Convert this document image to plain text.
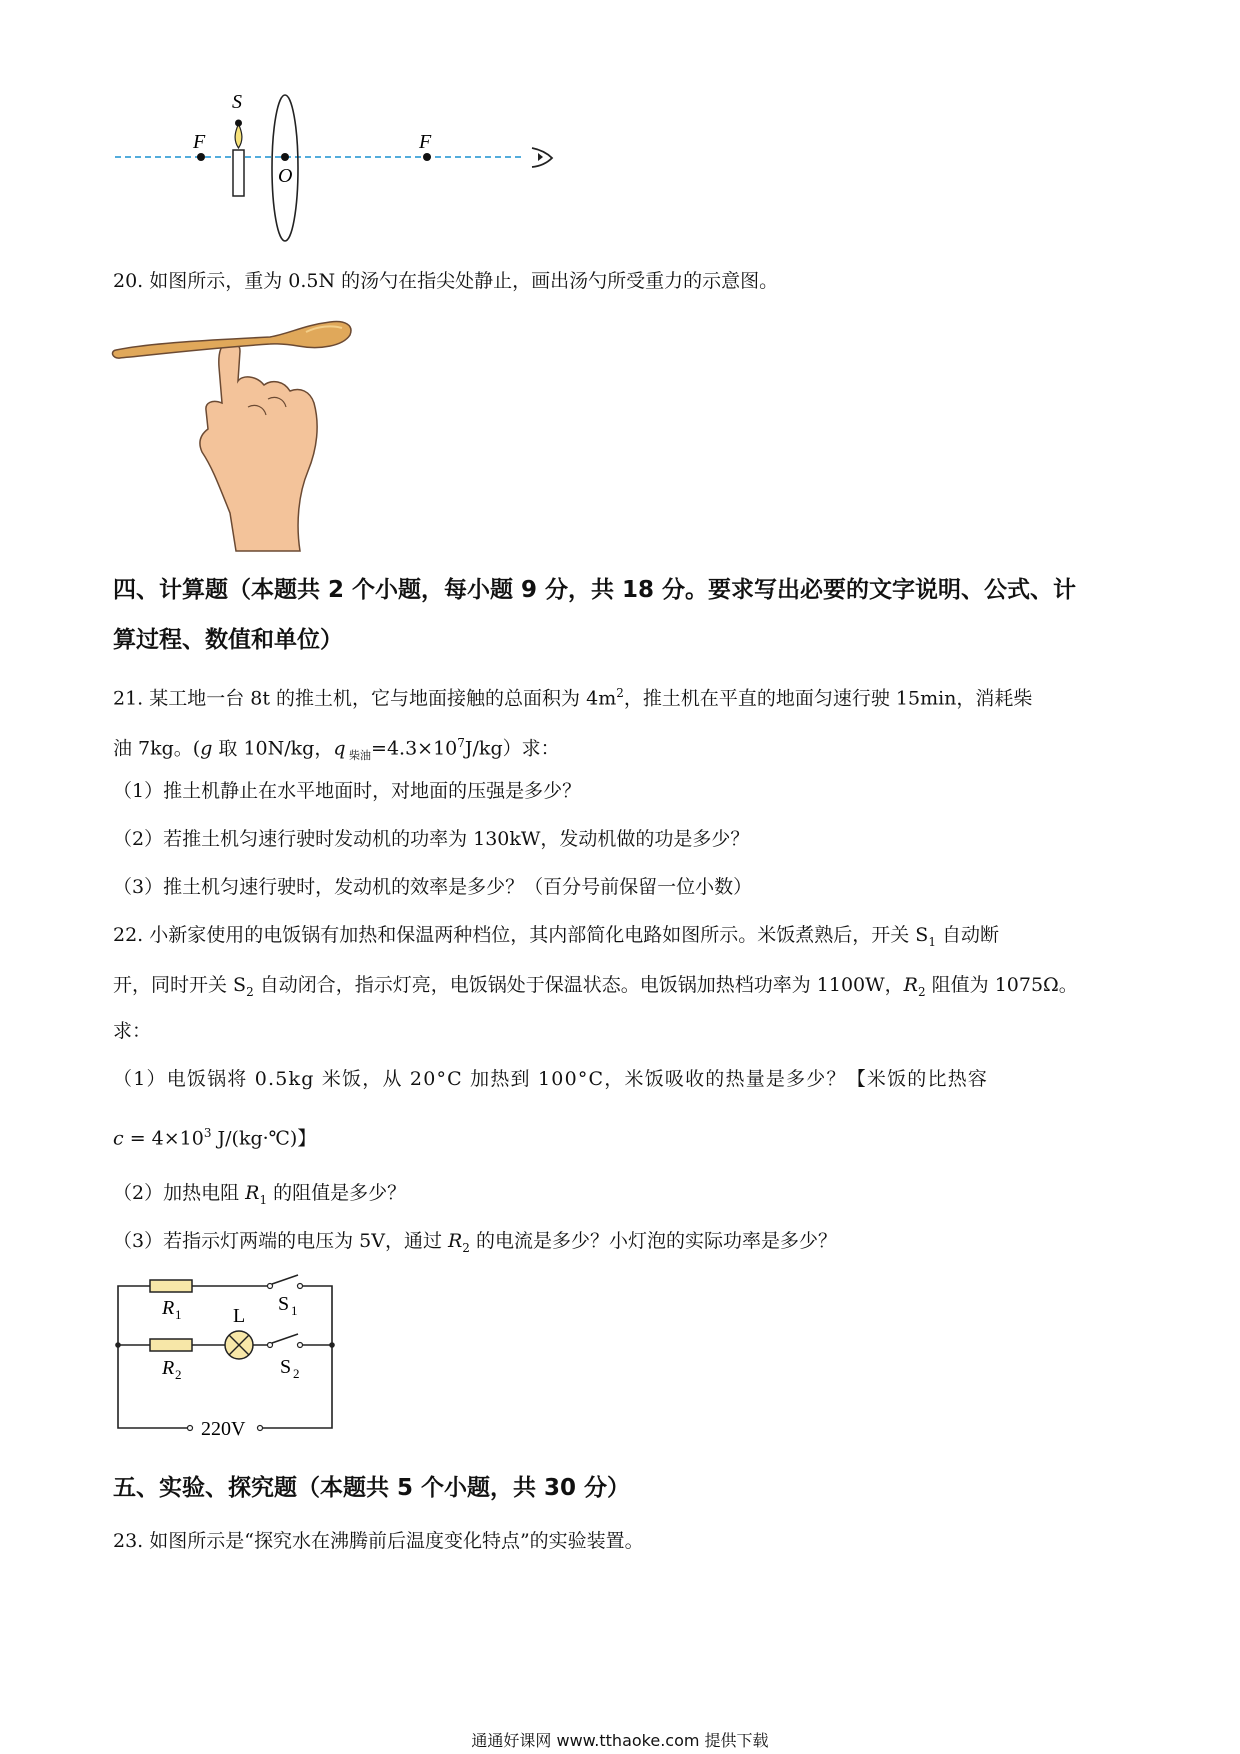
F	F
S
O
20. 如图所示，重为 0.5N 的汤勺在指尖处静止，画出汤勺所受重力的示意图。
四、计算题（本题共 2 个小题，每小题 9 分，共 18 分。要求写出必要的文字说明、公式、计
算过程、数值和单位）
21. 某工地一台 8t 的推土机，它与地面接触的总面积为 $4m^2$，推土机在平直的地面匀速行驶 15min，消耗柴
油 7kg。(g 取 10N/kg，q $_{柴油}=4.3\times 10^7J/kg$）求：
（1）推土机静止在水平地面时，对地面的压强是多少？
（2）若推土机匀速行驶时发动机的功率为 130kW，发动机做的功是多少？
（3）推土机匀速行驶时，发动机的效率是多少？（百分号前保留一位小数）
22. 小新家使用的电饭锅有加热和保温两种档位，其内部简化电路如图所示。米饭煮熟后，开关 $S_1$ 自动断
开，同时开关 $S_2$ 自动闭合，指示灯亮，电饭锅处于保温状态。电饭锅加热档功率为 1100W，$R_2$ 阻值为 1075Ω。
求：
（1）电饭锅将 0.5kg 米饭，从 20°C 加热到 100°C，米饭吸收的热量是多少？【米饭的比热容
$c = 4\times 10^3$ J/(kg·℃)】
（2）加热电阻 $R_1$ 的阻值是多少？
（3）若指示灯两端的电压为 5V，通过 $R_2$ 的电流是多少？小灯泡的实际功率是多少？
R 1	S 1
L
R 2	S 2
220V
五、实验、探究题（本题共 5 个小题，共 30 分）
23. 如图所示是“探究水在沸腾前后温度变化特点”的实验装置。
通通好课网 www.tthaoke.com 提供下载
